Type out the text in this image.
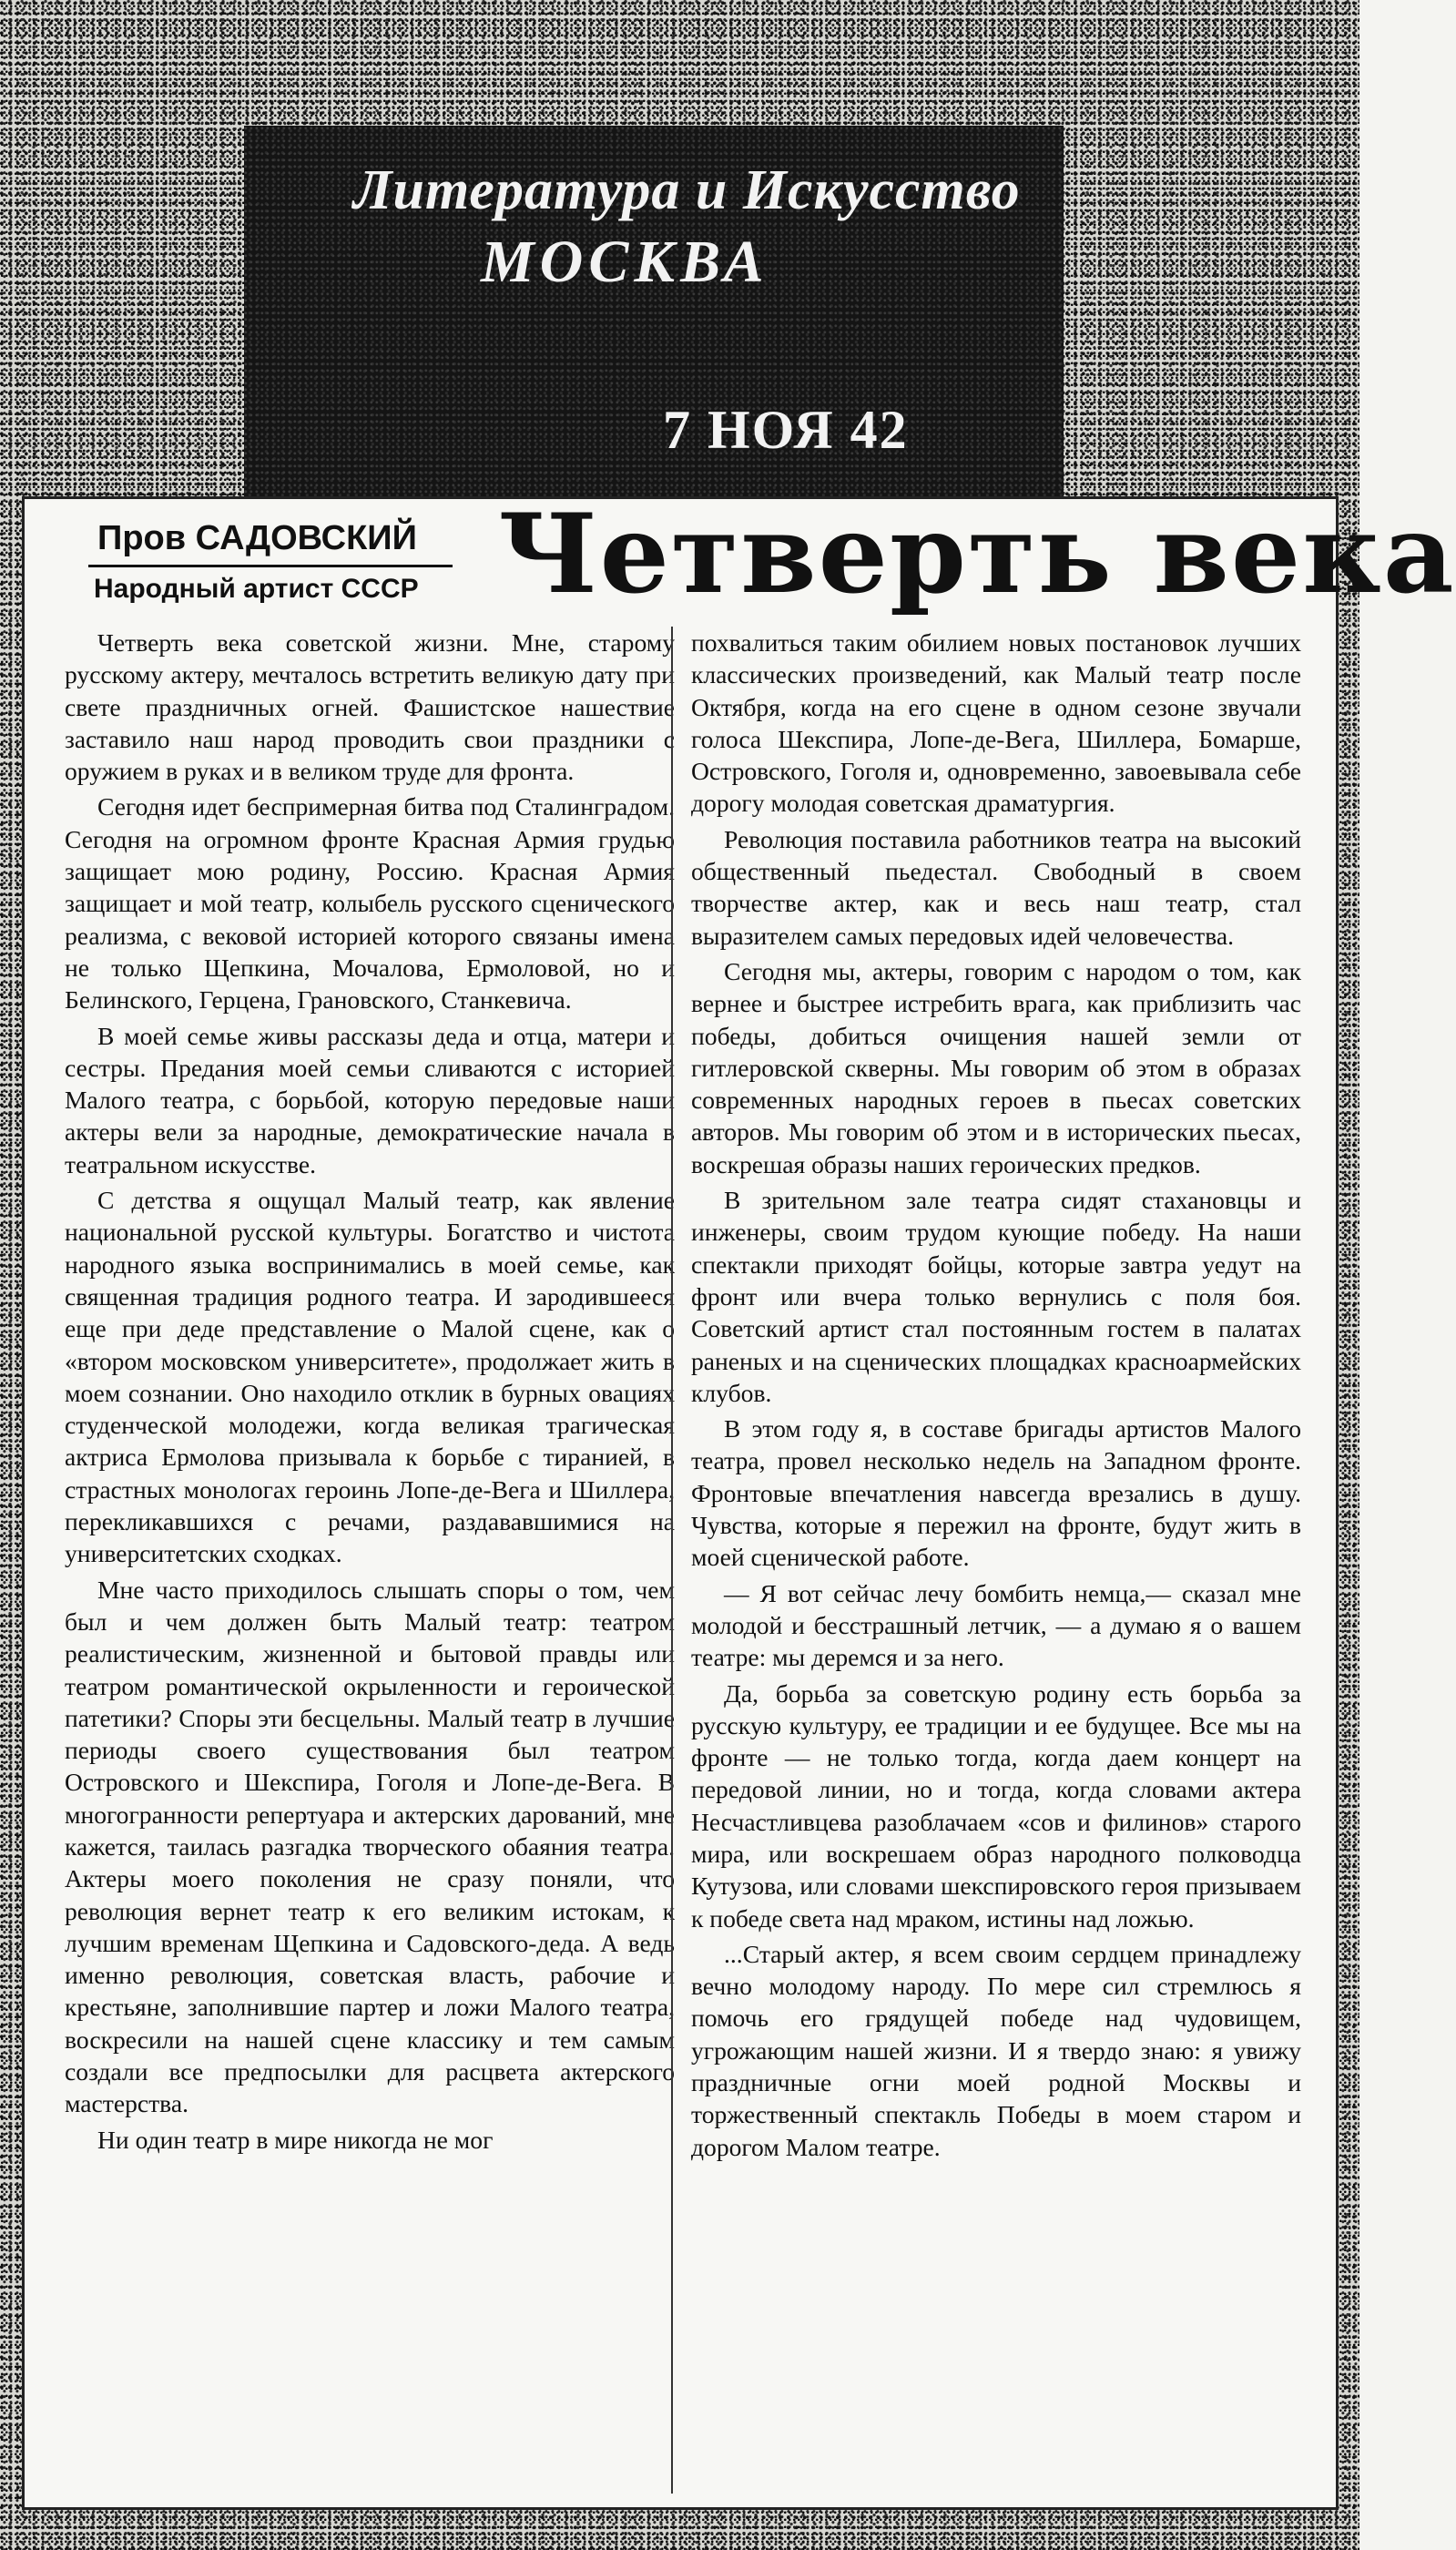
Литература и Искусство
МОСКВА
7 НОЯ 42
Пров САДОВСКИЙ
Народный артист СССР Четверть века

Четверть века советской жизни. Мне, старому русскому актеру, мечталось встретить великую дату при свете праздничных огней. Фашистское нашествие заставило наш народ проводить свои праздники с оружием в руках и в великом труде для фронта.

Сегодня идет беспримерная битва под Сталинградом. Сегодня на огромном фронте Красная Армия грудью защищает мою родину, Россию. Красная Армия защищает и мой театр, колыбель русского сценического реализма, с вековой историей которого связаны имена не только Щепкина, Мочалова, Ермоловой, но и Белинского, Герцена, Грановского, Станкевича.

В моей семье живы рассказы деда и отца, матери и сестры. Предания моей семьи сливаются с историей Малого театра, с борьбой, которую передовые наши актеры вели за народные, демократические начала в театральном искусстве.

С детства я ощущал Малый театр, как явление национальной русской культуры. Богатство и чистота народного языка воспринимались в моей семье, как священная традиция родного театра. И зародившееся еще при деде представление о Малой сцене, как о «втором московском университете», продолжает жить в моем сознании. Оно находило отклик в бурных овациях студенческой молодежи, когда великая трагическая актриса Ермолова призывала к борьбе с тиранией, в страстных монологах героинь Лопе-де-Вега и Шиллера, перекликавшихся с речами, раздававшимися на университетских сходках.

Мне часто приходилось слышать споры о том, чем был и чем должен быть Малый театр: театром реалистическим, жизненной и бытовой правды или театром романтической окрыленности и героической патетики? Споры эти бесцельны. Малый театр в лучшие периоды своего существования был театром Островского и Шекспира, Гоголя и Лопе-де-Вега. В многогранности репертуара и актерских дарований, мне кажется, таилась разгадка творческого обаяния театра. Актеры моего поколения не сразу поняли, что революция вернет театр к его великим истокам, к лучшим временам Щепкина и Садовского-деда. А ведь именно революция, советская власть, рабочие и крестьяне, заполнившие партер и ложи Малого театра, воскресили на нашей сцене классику и тем самым создали все предпосылки для расцвета актерского мастерства.

Ни один театр в мире никогда не мог

похвалиться таким обилием новых постановок лучших классических произведений, как Малый театр после Октября, когда на его сцене в одном сезоне звучали голоса Шекспира, Лопе-де-Вега, Шиллера, Бомарше, Островского, Гоголя и, одновременно, завоевывала себе дорогу молодая советская драматургия.

Революция поставила работников театра на высокий общественный пьедестал. Свободный в своем творчестве актер, как и весь наш театр, стал выразителем самых передовых идей человечества.

Сегодня мы, актеры, говорим с народом о том, как вернее и быстрее истребить врага, как приблизить час победы, добиться очищения нашей земли от гитлеровской скверны. Мы говорим об этом в образах современных народных героев в пьесах советских авторов. Мы говорим об этом и в исторических пьесах, воскрешая образы наших героических предков.

В зрительном зале театра сидят стахановцы и инженеры, своим трудом кующие победу. На наши спектакли приходят бойцы, которые завтра уедут на фронт или вчера только вернулись с поля боя. Советский артист стал постоянным гостем в палатах раненых и на сценических площадках красноармейских клубов.

В этом году я, в составе бригады артистов Малого театра, провел несколько недель на Западном фронте. Фронтовые впечатления навсегда врезались в душу. Чувства, которые я пережил на фронте, будут жить в моей сценической работе.

— Я вот сейчас лечу бомбить немца,— сказал мне молодой и бесстрашный летчик, — а думаю я о вашем театре: мы деремся и за него.

Да, борьба за советскую родину есть борьба за русскую культуру, ее традиции и ее будущее. Все мы на фронте — не только тогда, когда даем концерт на передовой линии, но и тогда, когда словами актера Несчастливцева разоблачаем «сов и филинов» старого мира, или воскрешаем образ народного полководца Кутузова, или словами шекспировского героя призываем к победе света над мраком, истины над ложью.

...Старый актер, я всем своим сердцем принадлежу вечно молодому народу. По мере сил стремлюсь я помочь его грядущей победе над чудовищем, угрожающим нашей жизни. И я твердо знаю: я увижу праздничные огни моей родной Москвы и торжественный спектакль Победы в моем старом и дорогом Малом театре.
